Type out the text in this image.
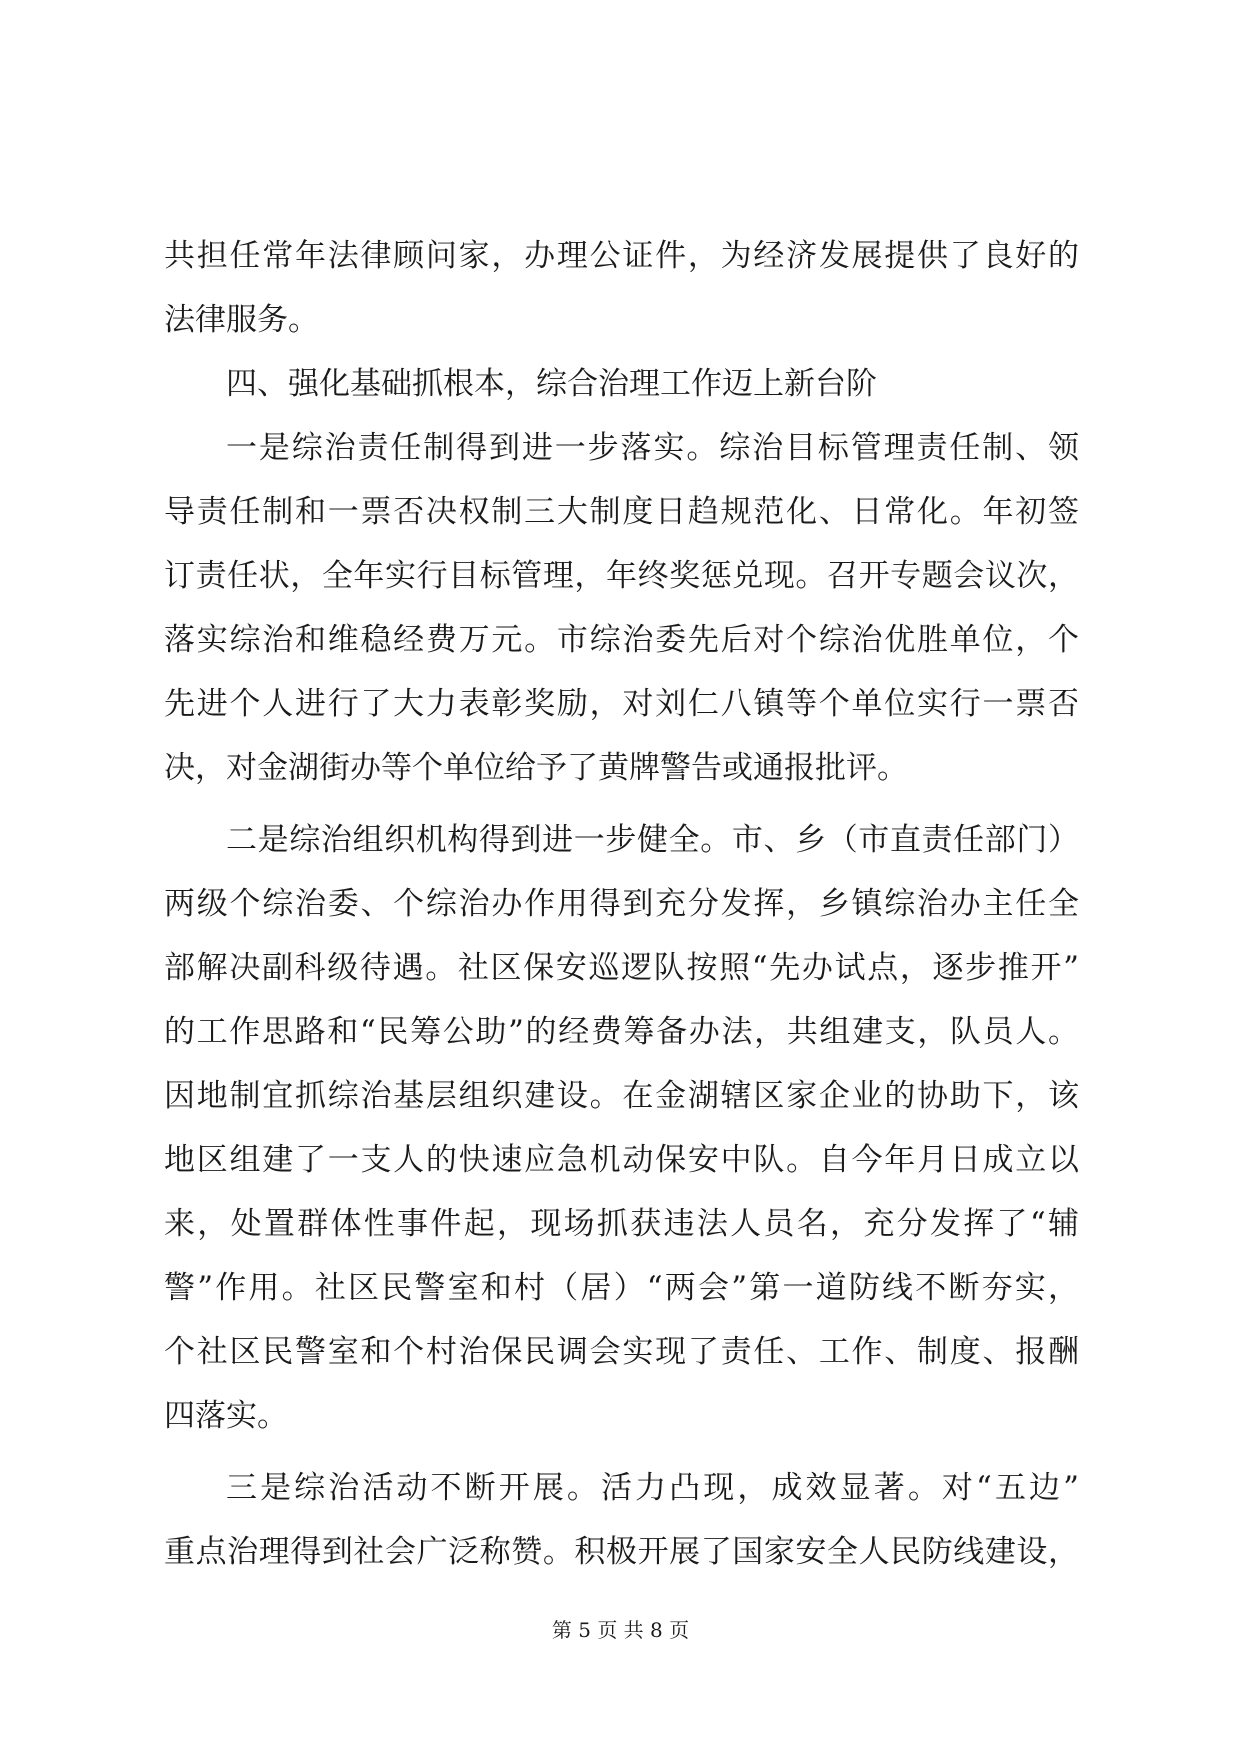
共担任常年法律顾问家，办理公证件，为经济发展提供了良好的
法律服务。
四、强化基础抓根本，综合治理工作迈上新台阶
一是综治责任制得到进一步落实。综治目标管理责任制、领
导责任制和一票否决权制三大制度日趋规范化、日常化。年初签
订责任状，全年实行目标管理，年终奖惩兑现。召开专题会议次，
落实综治和维稳经费万元。市综治委先后对个综治优胜单位，个
先进个人进行了大力表彰奖励，对刘仁八镇等个单位实行一票否
决，对金湖街办等个单位给予了黄牌警告或通报批评。
二是综治组织机构得到进一步健全。市、乡（市直责任部门）
两级个综治委、个综治办作用得到充分发挥，乡镇综治办主任全
部解决副科级待遇。社区保安巡逻队按照“先办试点，逐步推开”
的工作思路和“民筹公助”的经费筹备办法，共组建支，队员人。
因地制宜抓综治基层组织建设。在金湖辖区家企业的协助下，该
地区组建了一支人的快速应急机动保安中队。自今年月日成立以
来，处置群体性事件起，现场抓获违法人员名，充分发挥了“辅
警”作用。社区民警室和村（居）“两会”第一道防线不断夯实，
个社区民警室和个村治保民调会实现了责任、工作、制度、报酬
四落实。
三是综治活动不断开展。活力凸现，成效显著。对“五边”
重点治理得到社会广泛称赞。积极开展了国家安全人民防线建设，
第 5 页 共 8 页
